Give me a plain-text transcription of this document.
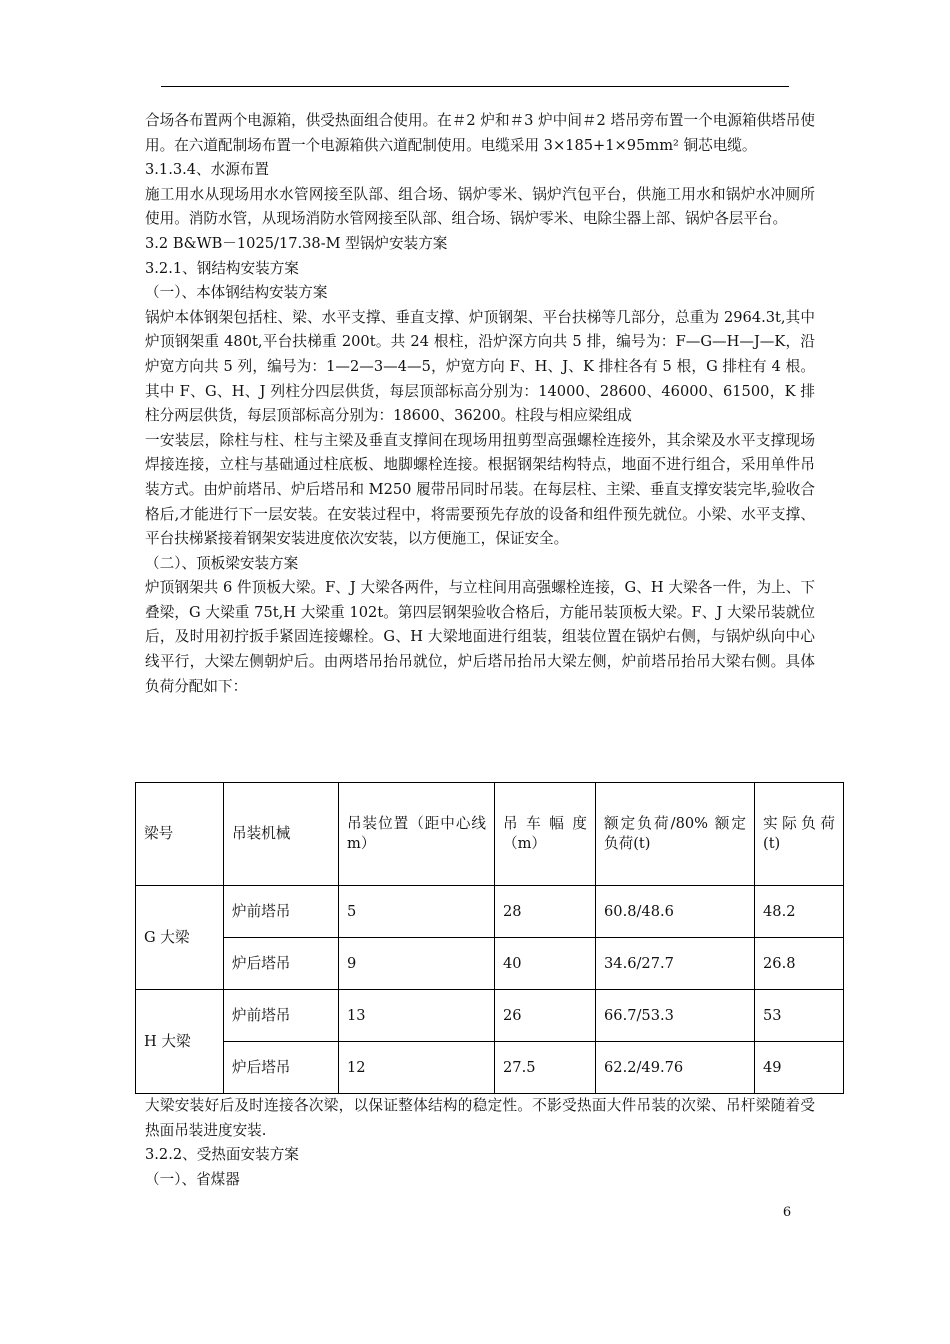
合场各布置两个电源箱，供受热面组合使用。在＃2 炉和＃3 炉中间＃2 塔吊旁布置一个电源箱供塔吊使用。在六道配制场布置一个电源箱供六道配制使用。电缆采用 3×185+1×95mm² 铜芯电缆。

3.1.3.4、水源布置

施工用水从现场用水水管网接至队部、组合场、锅炉零米、锅炉汽包平台，供施工用水和锅炉水冲厕所使用。消防水管，从现场消防水管网接至队部、组合场、锅炉零米、电除尘器上部、锅炉各层平台。

3.2 B&WB－1025/17.38-M 型锅炉安装方案

3.2.1、钢结构安装方案

（一）、本体钢结构安装方案

锅炉本体钢架包括柱、梁、水平支撑、垂直支撑、炉顶钢架、平台扶梯等几部分，总重为 2964.3t,其中炉顶钢架重 480t,平台扶梯重 200t。共 24 根柱，沿炉深方向共 5 排，编号为：F—G—H—J—K，沿炉宽方向共 5 列，编号为：1—2—3—4—5，炉宽方向 F、H、J、K 排柱各有 5 根，G 排柱有 4 根。其中 F、G、H、J 列柱分四层供货，每层顶部标高分别为：14000、28600、46000、61500，K 排柱分两层供货，每层顶部标高分别为：18600、36200。柱段与相应梁组成

一安装层，除柱与柱、柱与主梁及垂直支撑间在现场用扭剪型高强螺栓连接外，其余梁及水平支撑现场焊接连接，立柱与基础通过柱底板、地脚螺栓连接。根据钢架结构特点，地面不进行组合，采用单件吊装方式。由炉前塔吊、炉后塔吊和 M250 履带吊同时吊装。在每层柱、主梁、垂直支撑安装完毕,验收合格后,才能进行下一层安装。在安装过程中，将需要预先存放的设备和组件预先就位。小梁、水平支撑、平台扶梯紧接着钢架安装进度依次安装，以方便施工，保证安全。

（二）、顶板梁安装方案

炉顶钢架共 6 件顶板大梁。F、J 大梁各两件，与立柱间用高强螺栓连接，G、H 大梁各一件，为上、下叠梁，G 大梁重 75t,H 大梁重 102t。第四层钢架验收合格后，方能吊装顶板大梁。F、J 大梁吊装就位后，及时用初拧扳手紧固连接螺栓。G、H 大梁地面进行组装，组装位置在锅炉右侧，与锅炉纵向中心线平行，大梁左侧朝炉后。由两塔吊抬吊就位，炉后塔吊抬吊大梁左侧，炉前塔吊抬吊大梁右侧。具体负荷分配如下：

梁号	吊装机械	吊装位置（距中心线 m）	吊车幅度（m）	额定负荷/80% 额定负荷(t)	实际负荷(t)
G 大梁	炉前塔吊	5	28	60.8/48.6	48.2
	炉后塔吊	9	40	34.6/27.7	26.8
H 大梁	炉前塔吊	13	26	66.7/53.3	53
	炉后塔吊	12	27.5	62.2/49.76	49

大梁安装好后及时连接各次梁，以保证整体结构的稳定性。不影受热面大件吊装的次梁、吊杆梁随着受热面吊装进度安装.

3.2.2、受热面安装方案

（一）、省煤器

6
